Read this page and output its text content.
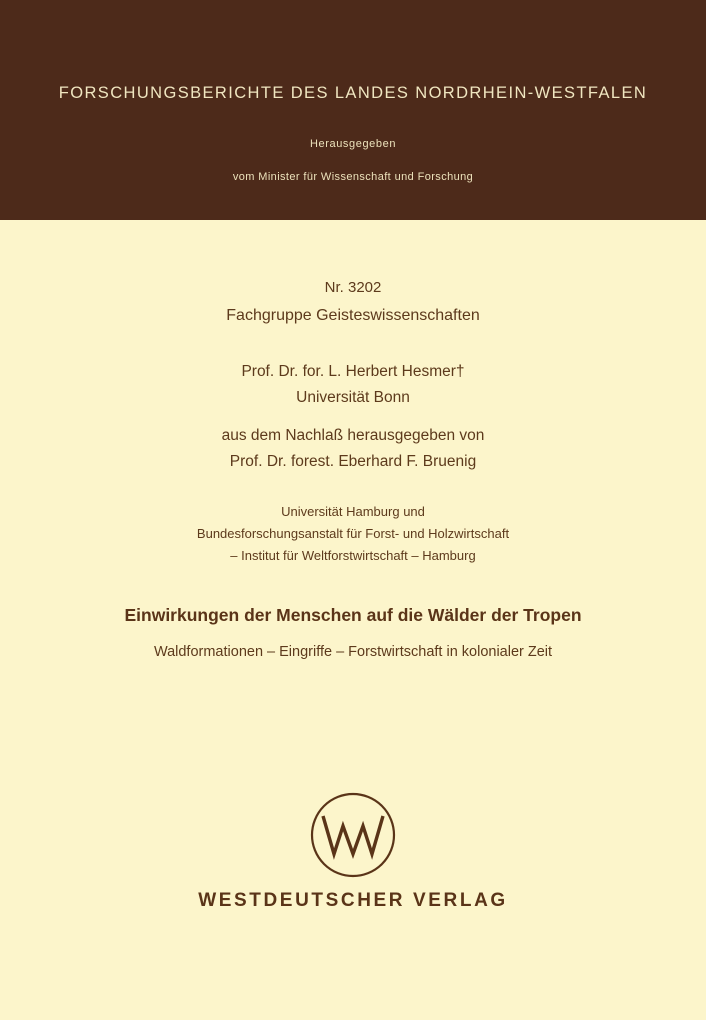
FORSCHUNGSBERICHTE DES LANDES NORDRHEIN-WESTFALEN
Herausgegeben
vom Minister für Wissenschaft und Forschung
Nr. 3202
Fachgruppe Geisteswissenschaften
Prof. Dr. for. L. Herbert Hesmer†
Universität Bonn
aus dem Nachlaß herausgegeben von
Prof. Dr. forest. Eberhard F. Bruenig
Universität Hamburg und
Bundesforschungsanstalt für Forst- und Holzwirtschaft
– Institut für Weltforstwirtschaft – Hamburg
Einwirkungen der Menschen auf die Wälder der Tropen
Waldformationen – Eingriffe – Forstwirtschaft in kolonialer Zeit
WESTDEUTSCHER VERLAG
